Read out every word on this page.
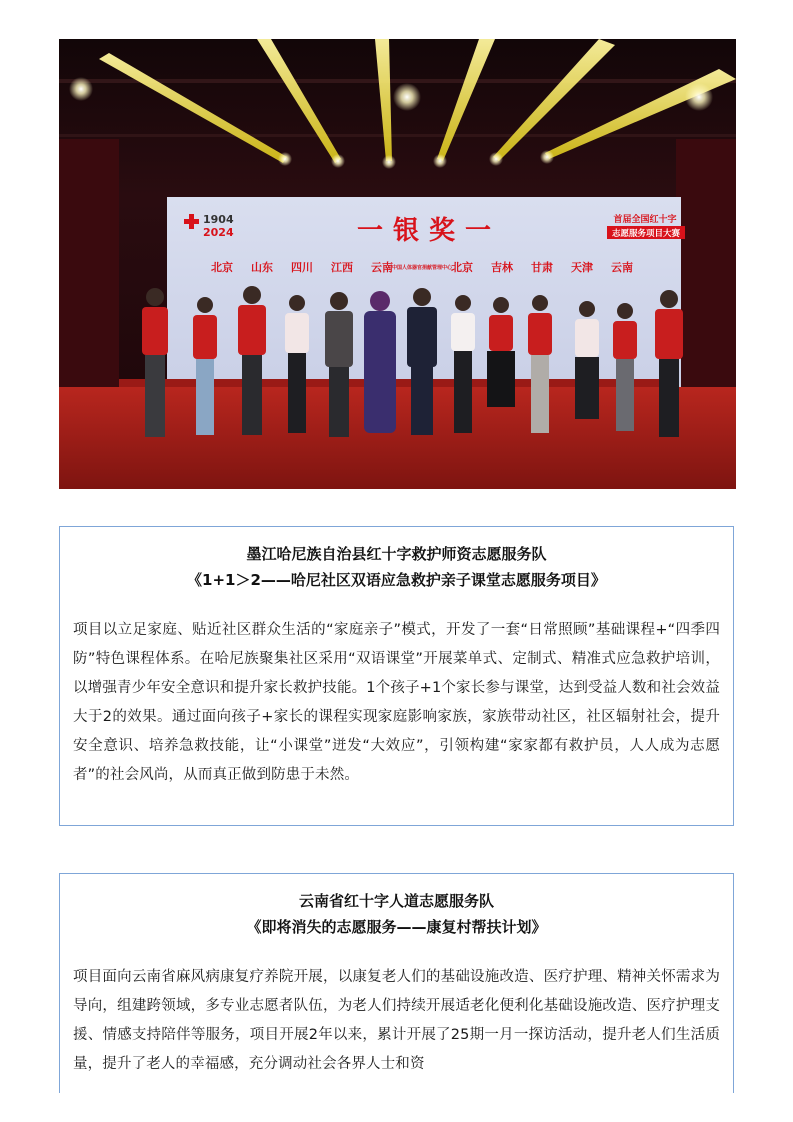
1904
2024	一银奖一	首届全国红十字
志愿服务项目大赛
北京 山东 四川 江西 云南
中国人体器官捐献管理中心
北京 吉林 甘肃 天津 云南
墨江哈尼族自治县红十字救护师资志愿服务队
《1+1＞2——哈尼社区双语应急救护亲子课堂志愿服务项目》
项目以立足家庭、贴近社区群众生活的“家庭亲子”模式，开发了一套“日常照顾”基础课程+“四季四防”特色课程体系。在哈尼族聚集社区采用“双语课堂”开展菜单式、定制式、精准式应急救护培训，以增强青少年安全意识和提升家长救护技能。1个孩子+1个家长参与课堂，达到受益人数和社会效益大于2的效果。通过面向孩子+家长的课程实现家庭影响家族，家族带动社区，社区辐射社会，提升安全意识、培养急救技能，让“小课堂”迸发“大效应”，引领构建“家家都有救护员，人人成为志愿者”的社会风尚，从而真正做到防患于未然。
云南省红十字人道志愿服务队
《即将消失的志愿服务——康复村帮扶计划》
项目面向云南省麻风病康复疗养院开展，以康复老人们的基础设施改造、医疗护理、精神关怀需求为导向，组建跨领域，多专业志愿者队伍，为老人们持续开展适老化便利化基础设施改造、医疗护理支援、情感支持陪伴等服务，项目开展2年以来，累计开展了25期一月一探访活动，提升老人们生活质量，提升了老人的幸福感，充分调动社会各界人士和资
